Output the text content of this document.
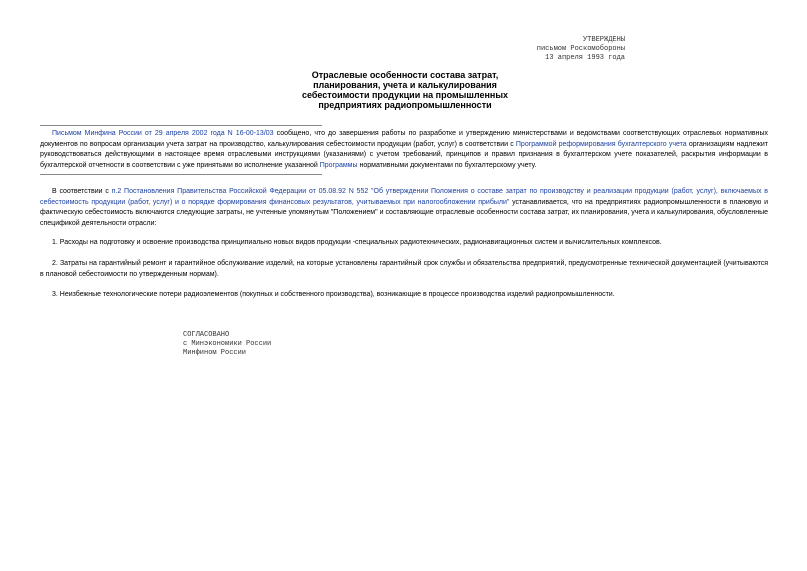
УТВЕРЖДЕНЫ
письмом Роскомобороны
13 апреля 1993 года
Отраслевые особенности состава затрат,
планирования, учета и калькулирования
себестоимости продукции на промышленных
предприятиях радиопромышленности
Письмом Минфина России от 29 апреля 2002 года N 16-00-13/03 сообщено, что до завершения работы по разработке и утверждению министерствами и ведомствами соответствующих отраслевых нормативных документов по вопросам организации учета затрат на производство, калькулирования себестоимости продукции (работ, услуг) в соответствии с Программой реформирования бухгалтерского учета организациям надлежит руководствоваться действующими в настоящее время отраслевыми инструкциями (указаниями) с учетом требований, принципов и правил признания в бухгалтерском учете показателей, раскрытия информации в бухгалтерской отчетности в соответствии с уже принятыми во исполнение указанной Программы нормативными документами по бухгалтерскому учету.
В соответствии с п.2 Постановления Правительства Российской Федерации от 05.08.92 N 552 "Об утверждении Положения о составе затрат по производству и реализации продукции (работ, услуг), включаемых в себестоимость продукции (работ, услуг) и о порядке формирования финансовых результатов, учитываемых при налогообложении прибыли" устанавливается, что на предприятиях радиопромышленности в плановую и фактическую себестоимость включаются следующие затраты, не учтенные упомянутым "Положением" и составляющие отраслевые особенности состава затрат, их планирования, учета и калькулирования, обусловленные спецификой деятельности отрасли:
1. Расходы на подготовку и освоение производства принципиально новых видов продукции -специальных радиотехнических, радионавигационных систем и вычислительных комплексов.
2. Затраты на гарантийный ремонт и гарантийное обслуживание изделий, на которые установлены гарантийный срок службы и обязательства предприятий, предусмотренные технической документацией (учитываются в плановой себестоимости по утвержденным нормам).
3. Неизбежные технологические потери радиоэлементов (покупных и собственного производства), возникающие в процессе производства изделий радиопромышленности.
СОГЛАСОВАНО
с Минэкономики России
Минфином России
